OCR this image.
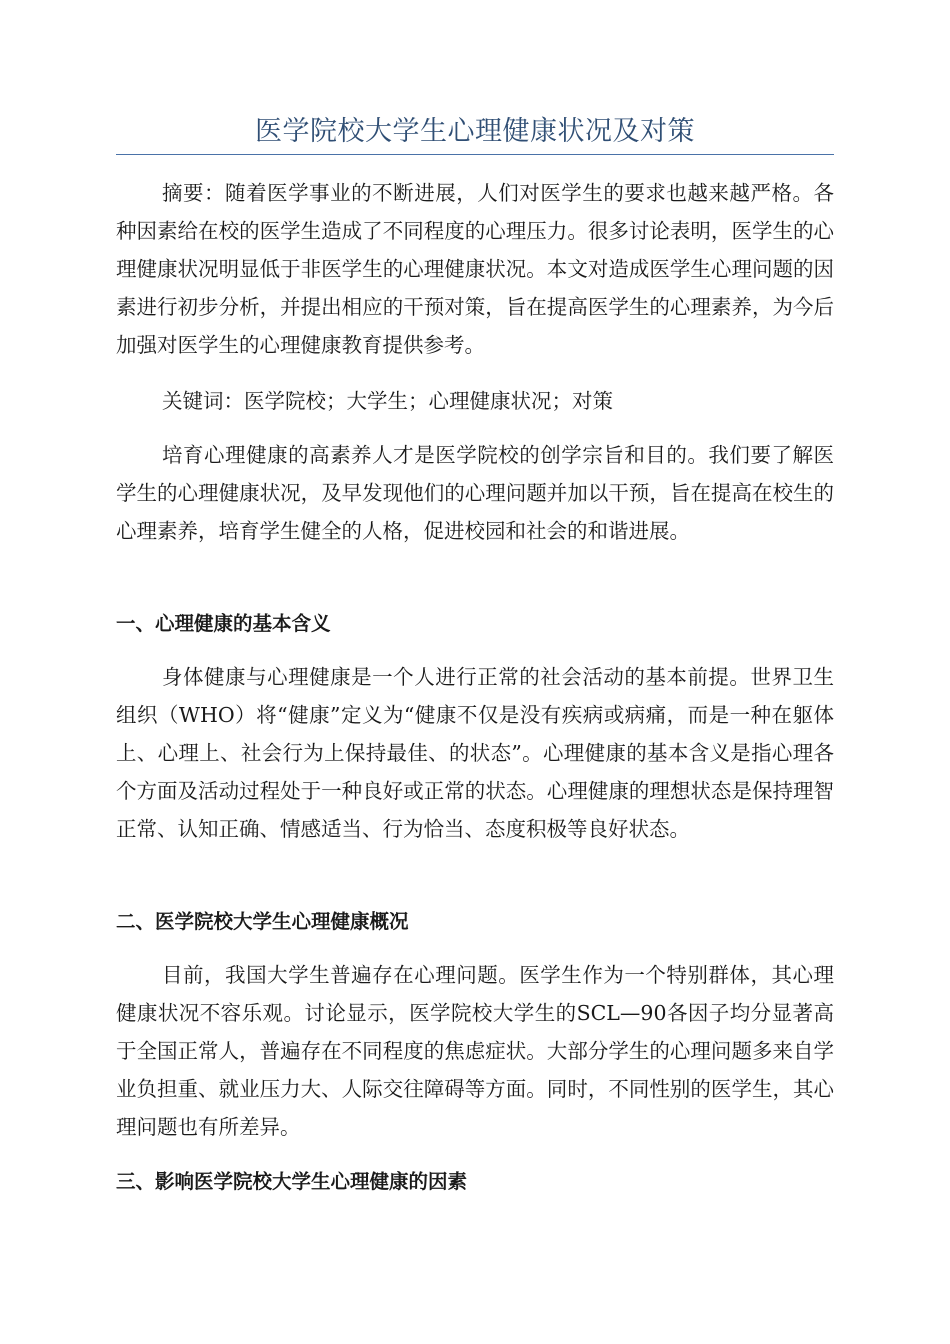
医学院校大学生心理健康状况及对策

摘要：随着医学事业的不断进展，人们对医学生的要求也越来越严格。各种因素给在校的医学生造成了不同程度的心理压力。很多讨论表明，医学生的心理健康状况明显低于非医学生的心理健康状况。本文对造成医学生心理问题的因素进行初步分析，并提出相应的干预对策，旨在提高医学生的心理素养，为今后加强对医学生的心理健康教育提供参考。

关键词：医学院校；大学生；心理健康状况；对策

培育心理健康的高素养人才是医学院校的创学宗旨和目的。我们要了解医学生的心理健康状况，及早发现他们的心理问题并加以干预，旨在提高在校生的心理素养，培育学生健全的人格，促进校园和社会的和谐进展。

一、心理健康的基本含义

身体健康与心理健康是一个人进行正常的社会活动的基本前提。世界卫生组织（WHO）将“健康”定义为“健康不仅是没有疾病或病痛，而是一种在躯体上、心理上、社会行为上保持最佳、的状态”。心理健康的基本含义是指心理各个方面及活动过程处于一种良好或正常的状态。心理健康的理想状态是保持理智正常、认知正确、情感适当、行为恰当、态度积极等良好状态。

二、医学院校大学生心理健康概况

目前，我国大学生普遍存在心理问题。医学生作为一个特别群体，其心理健康状况不容乐观。讨论显示，医学院校大学生的SCL—90各因子均分显著高于全国正常人，普遍存在不同程度的焦虑症状。大部分学生的心理问题多来自学业负担重、就业压力大、人际交往障碍等方面。同时，不同性别的医学生，其心理问题也有所差异。

三、影响医学院校大学生心理健康的因素
